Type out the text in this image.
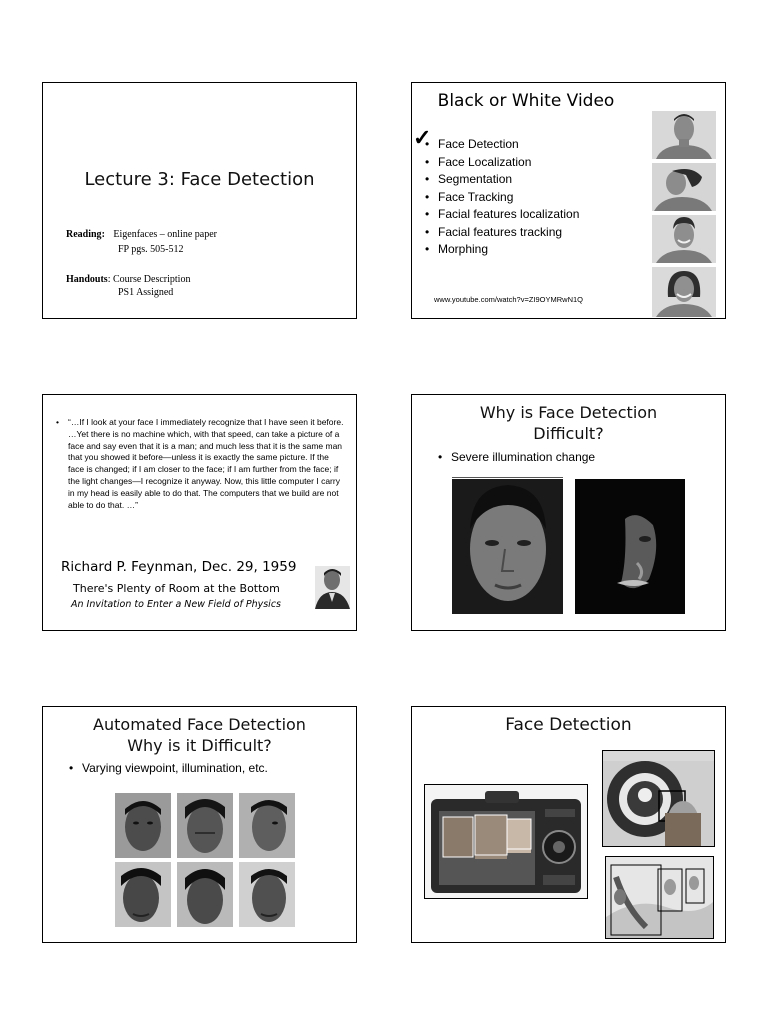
Lecture 3: Face Detection
Reading: Eigenfaces – online paper
FP pgs. 505-512
Handouts: Course Description
PS1 Assigned
Black or White Video
✓
• Face Detection
• Face Localization
• Segmentation
• Face Tracking
• Facial features localization
• Facial features tracking
• Morphing
www.youtube.com/watch?v=ZI9OYMRwN1Q
• “…If I look at your face I immediately recognize that I have seen it before. …Yet there is no machine which, with that speed, can take a picture of a face and say even that it is a man; and much less that it is the same man that you showed it before—unless it is exactly the same picture. If the face is changed; if I am closer to the face; if I am further from the face; if the light changes—I recognize it anyway. Now, this little computer I carry in my head is easily able to do that. The computers that we build are not able to do that. …”
Richard P. Feynman, Dec. 29, 1959
There's Plenty of Room at the Bottom
An Invitation to Enter a New Field of Physics
Why is Face Detection
Difficult?
• Severe illumination change
Automated Face Detection
Why is it Difficult?
• Varying viewpoint, illumination, etc.
Face Detection
